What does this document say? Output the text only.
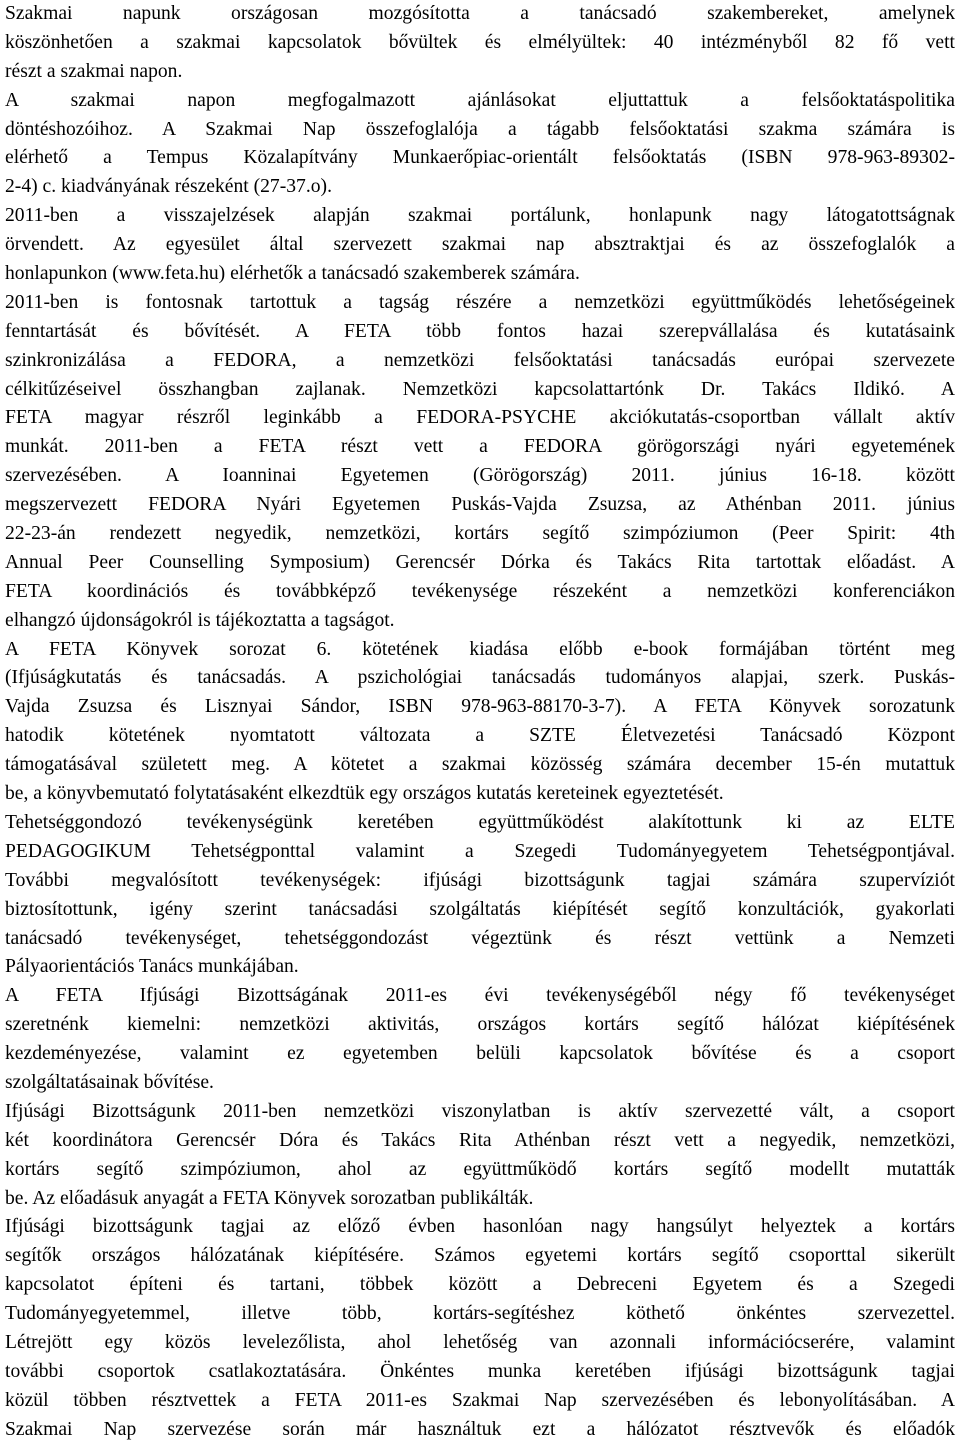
Szakmai napunk országosan mozgósította a tanácsadó szakembereket, amelynek
köszönhetően a szakmai kapcsolatok bővültek és elmélyültek: 40 intézményből 82 fő vett
részt a szakmai napon.
A szakmai napon megfogalmazott ajánlásokat eljuttattuk a felsőoktatáspolitika
döntéshozóihoz. A Szakmai Nap összefoglalója a tágabb felsőoktatási szakma számára is
elérhető a Tempus Közalapítvány Munkaerőpiac-orientált felsőoktatás (ISBN 978-963-89302-
2-4) c. kiadványának részeként (27-37.o).
2011-ben a visszajelzések alapján szakmai portálunk, honlapunk nagy látogatottságnak
örvendett. Az egyesület által szervezett szakmai nap absztraktjai és az összefoglalók a
honlapunkon (www.feta.hu) elérhetők a tanácsadó szakemberek számára.
2011-ben is fontosnak tartottuk a tagság részére a nemzetközi együttműködés lehetőségeinek
fenntartását és bővítését. A FETA több fontos hazai szerepvállalása és kutatásaink
szinkronizálása a FEDORA, a nemzetközi felsőoktatási tanácsadás európai szervezete
célkitűzéseivel összhangban zajlanak. Nemzetközi kapcsolattartónk Dr. Takács Ildikó. A
FETA magyar részről leginkább a FEDORA-PSYCHE akciókutatás-csoportban vállalt aktív
munkát. 2011-ben a FETA részt vett a FEDORA görögországi nyári egyetemének
szervezésében. A Ioanninai Egyetemen (Görögország) 2011. június 16-18. között
megszervezett FEDORA Nyári Egyetemen Puskás-Vajda Zsuzsa, az Athénban 2011. június
22-23-án rendezett negyedik, nemzetközi, kortárs segítő szimpóziumon (Peer Spirit: 4th
Annual Peer Counselling Symposium) Gerencsér Dórka és Takács Rita tartottak előadást. A
FETA koordinációs és továbbképző tevékenysége részeként a nemzetközi konferenciákon
elhangzó újdonságokról is tájékoztatta a tagságot.
A FETA Könyvek sorozat 6. kötetének kiadása előbb e-book formájában történt meg
(Ifjúságkutatás és tanácsadás. A pszichológiai tanácsadás tudományos alapjai, szerk. Puskás-
Vajda Zsuzsa és Lisznyai Sándor, ISBN 978-963-88170-3-7). A FETA Könyvek sorozatunk
hatodik kötetének nyomtatott változata a SZTE Életvezetési Tanácsadó Központ
támogatásával született meg. A kötetet a szakmai közösség számára december 15-én mutattuk
be, a könyvbemutató folytatásaként elkezdtük egy országos kutatás kereteinek egyeztetését.
Tehetséggondozó tevékenységünk keretében együttműködést alakítottunk ki az ELTE
PEDAGOGIKUM Tehetségponttal valamint a Szegedi Tudományegyetem Tehetségpontjával.
További megvalósított tevékenységek: ifjúsági bizottságunk tagjai számára szupervíziót
biztosítottunk, igény szerint tanácsadási szolgáltatás kiépítését segítő konzultációk, gyakorlati
tanácsadó tevékenységet, tehetséggondozást végeztünk és részt vettünk a Nemzeti
Pályaorientációs Tanács munkájában.
A FETA Ifjúsági Bizottságának 2011-es évi tevékenységéből négy fő tevékenységet
szeretnénk kiemelni: nemzetközi aktivitás, országos kortárs segítő hálózat kiépítésének
kezdeményezése, valamint ez egyetemben belüli kapcsolatok bővítése és a csoport
szolgáltatásainak bővítése.
Ifjúsági Bizottságunk 2011-ben nemzetközi viszonylatban is aktív szervezetté vált, a csoport
két koordinátora Gerencsér Dóra és Takács Rita Athénban részt vett a negyedik, nemzetközi,
kortárs segítő szimpóziumon, ahol az együttműködő kortárs segítő modellt mutatták
be. Az előadásuk anyagát a FETA Könyvek sorozatban publikálták.
Ifjúsági bizottságunk tagjai az előző évben hasonlóan nagy hangsúlyt helyeztek a kortárs
segítők országos hálózatának kiépítésére. Számos egyetemi kortárs segítő csoporttal sikerült
kapcsolatot építeni és tartani, többek között a Debreceni Egyetem és a Szegedi
Tudományegyetemmel, illetve több, kortárs-segítéshez köthető önkéntes szervezettel.
Létrejött egy közös levelezőlista, ahol lehetőség van azonnali információcserére, valamint
további csoportok csatlakoztatására. Önkéntes munka keretében ifjúsági bizottságunk tagjai
közül többen résztvettek a FETA 2011-es Szakmai Nap szervezésében és lebonyolításában. A
Szakmai Nap szervezése során már használtuk ezt a hálózatot résztvevők és előadók
